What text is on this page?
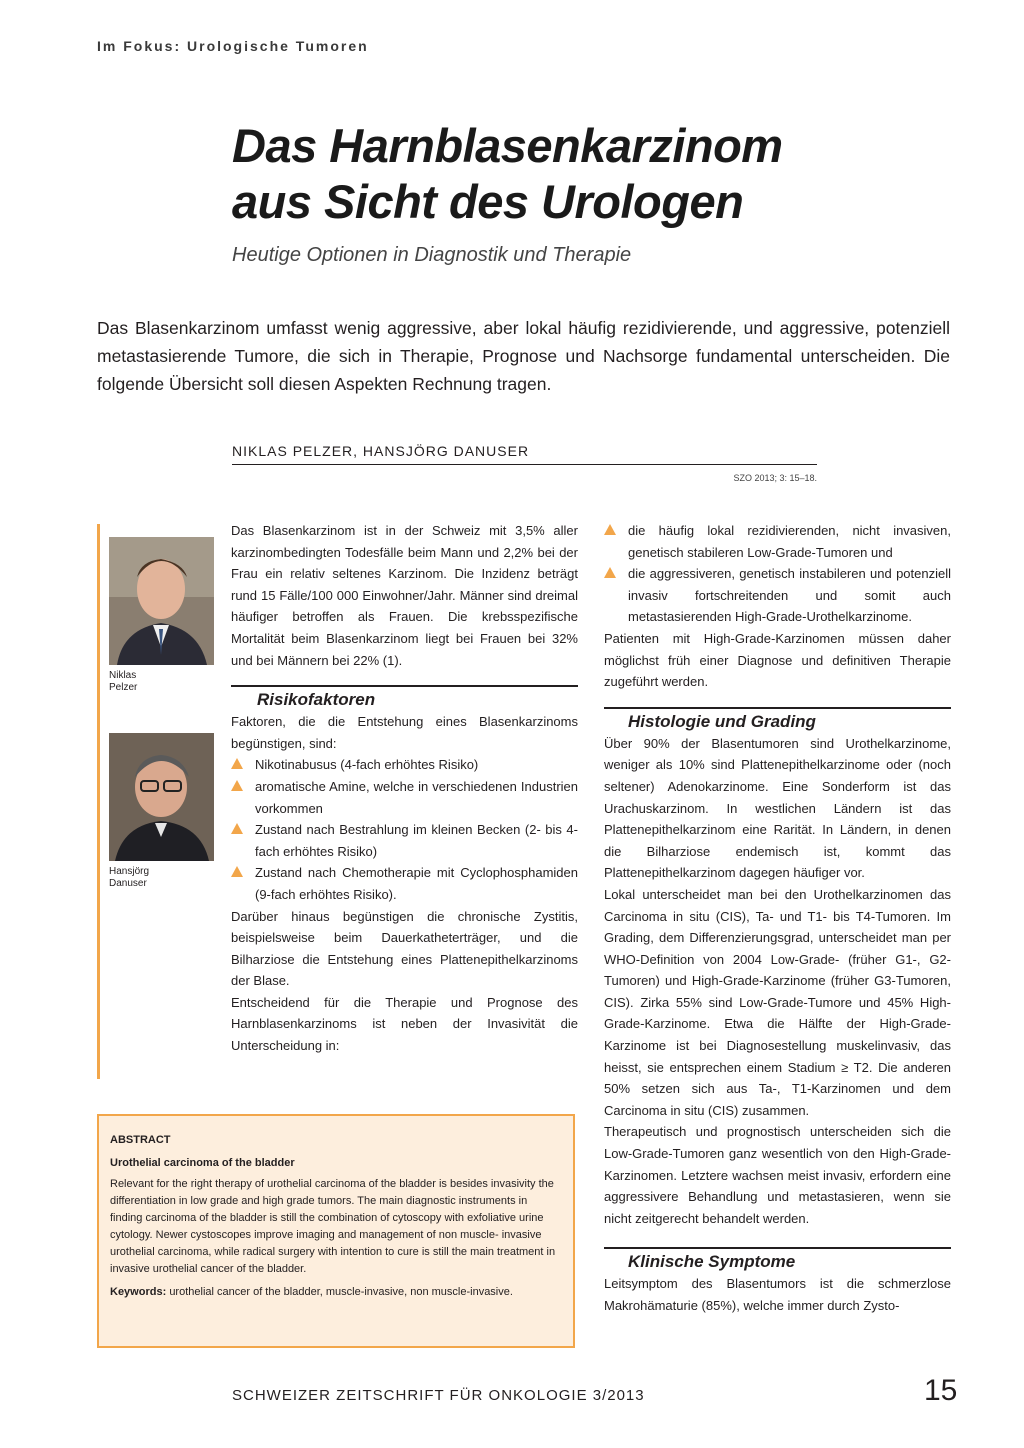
Im Fokus: Urologische Tumoren
Das Harnblasenkarzinom
aus Sicht des Urologen
Heutige Optionen in Diagnostik und Therapie
Das Blasenkarzinom umfasst wenig aggressive, aber lokal häufig rezidivierende, und aggressive, potenziell metastasierende Tumore, die sich in Therapie, Prognose und Nachsorge fundamental unterscheiden. Die folgende Übersicht soll diesen Aspekten Rechnung tragen.
NIKLAS PELZER, HANSJÖRG DANUSER
SZO 2013; 3: 15–18.
Niklas
Pelzer
Hansjörg
Danuser

Das Blasenkarzinom ist in der Schweiz mit 3,5% aller karzinombedingten Todesfälle beim Mann und 2,2% bei der Frau ein relativ seltenes Karzinom. Die Inzidenz beträgt rund 15 Fälle/100 000 Einwohner/Jahr. Männer sind dreimal häufiger betroffen als Frauen. Die krebsspezifische Mortalität beim Blasenkarzinom liegt bei Frauen bei 32% und bei Männern bei 22% (1).

Risikofaktoren

Faktoren, die die Entstehung eines Blasenkarzinoms begünstigen, sind:

Nikotinabusus (4-fach erhöhtes Risiko)
aromatische Amine, welche in verschiedenen Industrien vorkommen
Zustand nach Bestrahlung im kleinen Becken (2- bis 4-fach erhöhtes Risiko)
Zustand nach Chemotherapie mit Cyclophosphamiden (9-fach erhöhtes Risiko).

Darüber hinaus begünstigen die chronische Zystitis, beispielsweise beim Dauerkatheterträger, und die Bilharziose die Entstehung eines Plattenepithelkarzinoms der Blase.

Entscheidend für die Therapie und Prognose des Harnblasenkarzinoms ist neben der Invasivität die Unterscheidung in:

die häufig lokal rezidivierenden, nicht invasiven, genetisch stabileren Low-Grade-Tumoren und
die aggressiveren, genetisch instabileren und potenziell invasiv fortschreitenden und somit auch metastasierenden High-Grade-Urothelkarzinome.

Patienten mit High-Grade-Karzinomen müssen daher möglichst früh einer Diagnose und definitiven Therapie zugeführt werden.

Histologie und Grading

Über 90% der Blasentumoren sind Urothelkarzinome, weniger als 10% sind Plattenepithelkarzinome oder (noch seltener) Adenokarzinome. Eine Sonderform ist das Urachuskarzinom. In westlichen Ländern ist das Plattenepithelkarzinom eine Rarität. In Ländern, in denen die Bilharziose endemisch ist, kommt das Plattenepithelkarzinom dagegen häufiger vor.

Lokal unterscheidet man bei den Urothelkarzinomen das Carcinoma in situ (CIS), Ta- und T1- bis T4-Tumoren. Im Grading, dem Differenzierungsgrad, unterscheidet man per WHO-Definition von 2004 Low-Grade- (früher G1-, G2-Tumoren) und High-Grade-Karzinome (früher G3-Tumoren, CIS). Zirka 55% sind Low-Grade-Tumore und 45% High-Grade-Karzinome. Etwa die Hälfte der High-Grade-Karzinome ist bei Diagnosestellung muskelinvasiv, das heisst, sie entsprechen einem Stadium ≥ T2. Die anderen 50% setzen sich aus Ta-, T1-Karzinomen und dem Carcinoma in situ (CIS) zusammen.

Therapeutisch und prognostisch unterscheiden sich die Low-Grade-Tumoren ganz wesentlich von den High-Grade-Karzinomen. Letztere wachsen meist invasiv, erfordern eine aggressivere Behandlung und metastasieren, wenn sie nicht zeitgerecht behandelt werden.

Klinische Symptome

Leitsymptom des Blasentumors ist die schmerzlose Makrohämaturie (85%), welche immer durch Zysto-

ABSTRACT
Urothelial carcinoma of the bladder

Relevant for the right therapy of urothelial carcinoma of the bladder is besides invasivity the differentiation in low grade and high grade tumors. The main diagnostic instruments in finding carcinoma of the bladder is still the combination of cytoscopy with exfoliative urine cytology. Newer cystoscopes improve imaging and management of non muscle- invasive urothelial carcinoma, while radical surgery with intention to cure is still the main treatment in invasive urothelial cancer of the bladder.

Keywords: urothelial cancer of the bladder, muscle-invasive, non muscle-invasive.

SCHWEIZER ZEITSCHRIFT FÜR ONKOLOGIE 3/2013	15
